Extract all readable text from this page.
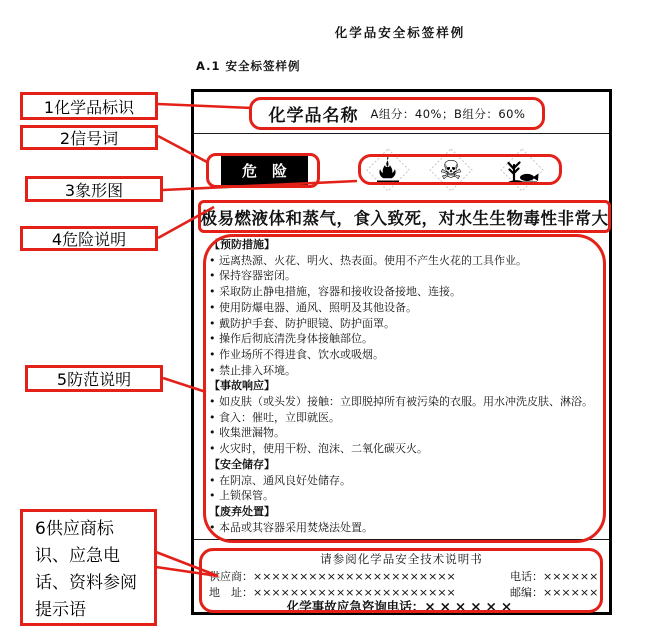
化学品安全标签样例
A.1 安全标签样例
化学品名称 A组分：40%；B组分：60%
危　险	☠
极易燃液体和蒸气，食入致死，对水生生物毒性非常大
【预防措施】
• 远离热源、火花、明火、热表面。使用不产生火花的工具作业。
• 保持容器密闭。
• 采取防止静电措施，容器和接收设备接地、连接。
• 使用防爆电器、通风、照明及其他设备。
• 戴防护手套、防护眼镜、防护面罩。
• 操作后彻底清洗身体接触部位。
• 作业场所不得进食、饮水或吸烟。
• 禁止排入环境。
【事故响应】
• 如皮肤（或头发）接触：立即脱掉所有被污染的衣服。用水冲洗皮肤、淋浴。
• 食入：催吐，立即就医。
• 收集泄漏物。
• 火灾时，使用干粉、泡沫、二氧化碳灭火。
【安全储存】
• 在阴凉、通风良好处储存。
• 上锁保管。
【废弃处置】
• 本品或其容器采用焚烧法处置。
请参阅化学品安全技术说明书
供应商：××××××××××××××××××××××	电话：××××××
地　址：××××××××××××××××××××××	邮编：××××××
化学事故应急咨询电话：××××××
1化学品标识
2信号词
3象形图
4危险说明
5防范说明
6供应商标识、应急电话、资料参阅提示语
